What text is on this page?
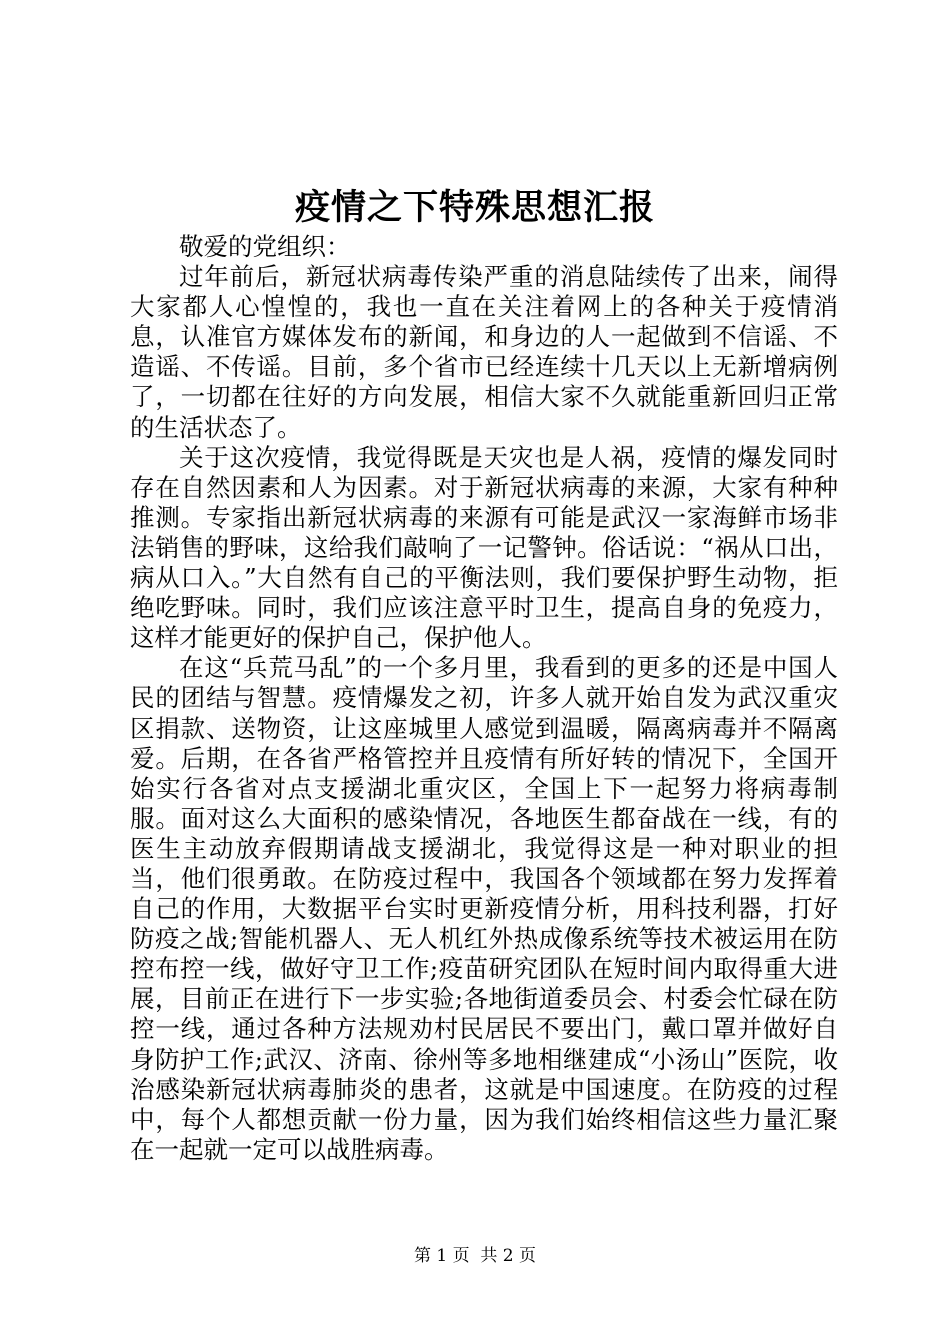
疫情之下特殊思想汇报

敬爱的党组织：

过年前后，新冠状病毒传染严重的消息陆续传了出来，闹得大家都人心惶惶的，我也一直在关注着网上的各种关于疫情消息，认准官方媒体发布的新闻，和身边的人一起做到不信谣、不造谣、不传谣。目前，多个省市已经连续十几天以上无新增病例了，一切都在往好的方向发展，相信大家不久就能重新回归正常的生活状态了。

关于这次疫情，我觉得既是天灾也是人祸，疫情的爆发同时存在自然因素和人为因素。对于新冠状病毒的来源，大家有种种推测。专家指出新冠状病毒的来源有可能是武汉一家海鲜市场非法销售的野味，这给我们敲响了一记警钟。俗话说：“祸从口出，病从口入。”大自然有自己的平衡法则，我们要保护野生动物，拒绝吃野味。同时，我们应该注意平时卫生，提高自身的免疫力，这样才能更好的保护自己，保护他人。

在这“兵荒马乱”的一个多月里，我看到的更多的还是中国人民的团结与智慧。疫情爆发之初，许多人就开始自发为武汉重灾区捐款、送物资，让这座城里人感觉到温暖，隔离病毒并不隔离爱。后期，在各省严格管控并且疫情有所好转的情况下，全国开始实行各省对点支援湖北重灾区，全国上下一起努力将病毒制服。面对这么大面积的感染情况，各地医生都奋战在一线，有的医生主动放弃假期请战支援湖北，我觉得这是一种对职业的担当，他们很勇敢。在防疫过程中，我国各个领域都在努力发挥着自己的作用，大数据平台实时更新疫情分析，用科技利器，打好防疫之战;智能机器人、无人机红外热成像系统等技术被运用在防控布控一线，做好守卫工作;疫苗研究团队在短时间内取得重大进展，目前正在进行下一步实验;各地街道委员会、村委会忙碌在防控一线，通过各种方法规劝村民居民不要出门，戴口罩并做好自身防护工作;武汉、济南、徐州等多地相继建成“小汤山”医院，收治感染新冠状病毒肺炎的患者，这就是中国速度。在防疫的过程中，每个人都想贡献一份力量，因为我们始终相信这些力量汇聚在一起就一定可以战胜病毒。

第 1 页 共 2 页
